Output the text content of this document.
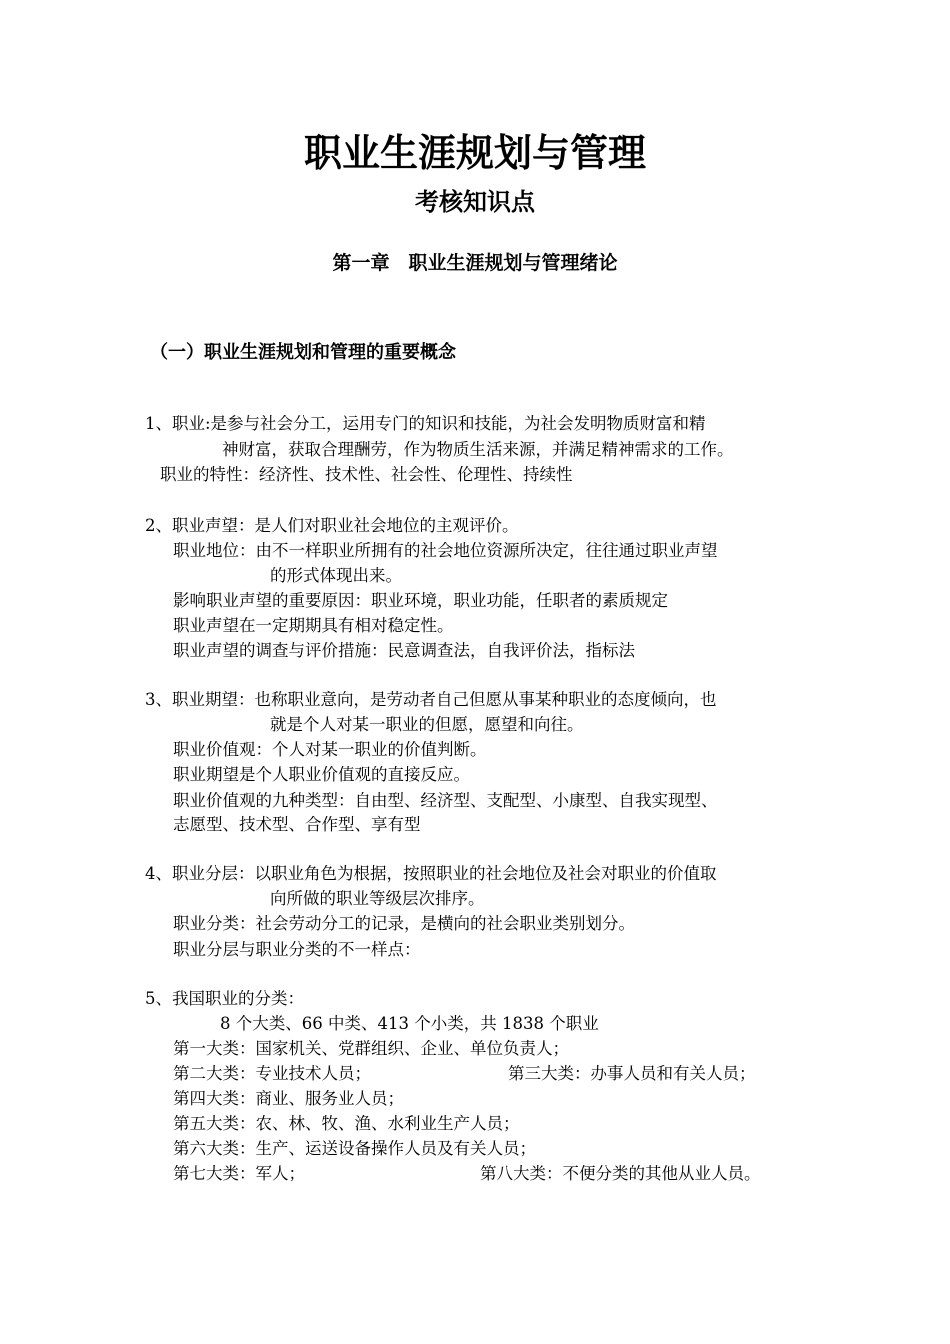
职业生涯规划与管理
考核知识点
第一章　职业生涯规划与管理绪论
（一）职业生涯规划和管理的重要概念
1、职业:是参与社会分工，运用专门的知识和技能，为社会发明物质财富和精
神财富，获取合理酬劳，作为物质生活来源，并满足精神需求的工作。
职业的特性：经济性、技术性、社会性、伦理性、持续性
2、职业声望：是人们对职业社会地位的主观评价。
职业地位：由不一样职业所拥有的社会地位资源所决定，往往通过职业声望
的形式体现出来。
影响职业声望的重要原因：职业环境，职业功能，任职者的素质规定
职业声望在一定期期具有相对稳定性。
职业声望的调查与评价措施：民意调查法，自我评价法，指标法
3、职业期望：也称职业意向，是劳动者自己但愿从事某种职业的态度倾向，也
就是个人对某一职业的但愿，愿望和向往。
职业价值观：个人对某一职业的价值判断。
职业期望是个人职业价值观的直接反应。
职业价值观的九种类型：自由型、经济型、支配型、小康型、自我实现型、
志愿型、技术型、合作型、享有型
4、职业分层：以职业角色为根据，按照职业的社会地位及社会对职业的价值取
向所做的职业等级层次排序。
职业分类：社会劳动分工的记录，是横向的社会职业类别划分。
职业分层与职业分类的不一样点：
5、我国职业的分类：
8 个大类、66 中类、413 个小类，共 1838 个职业
第一大类：国家机关、党群组织、企业、单位负责人；
第二大类：专业技术人员；	第三大类：办事人员和有关人员；
第四大类：商业、服务业人员；
第五大类：农、林、牧、渔、水利业生产人员；
第六大类：生产、运送设备操作人员及有关人员；
第七大类：军人；	第八大类：不便分类的其他从业人员。
